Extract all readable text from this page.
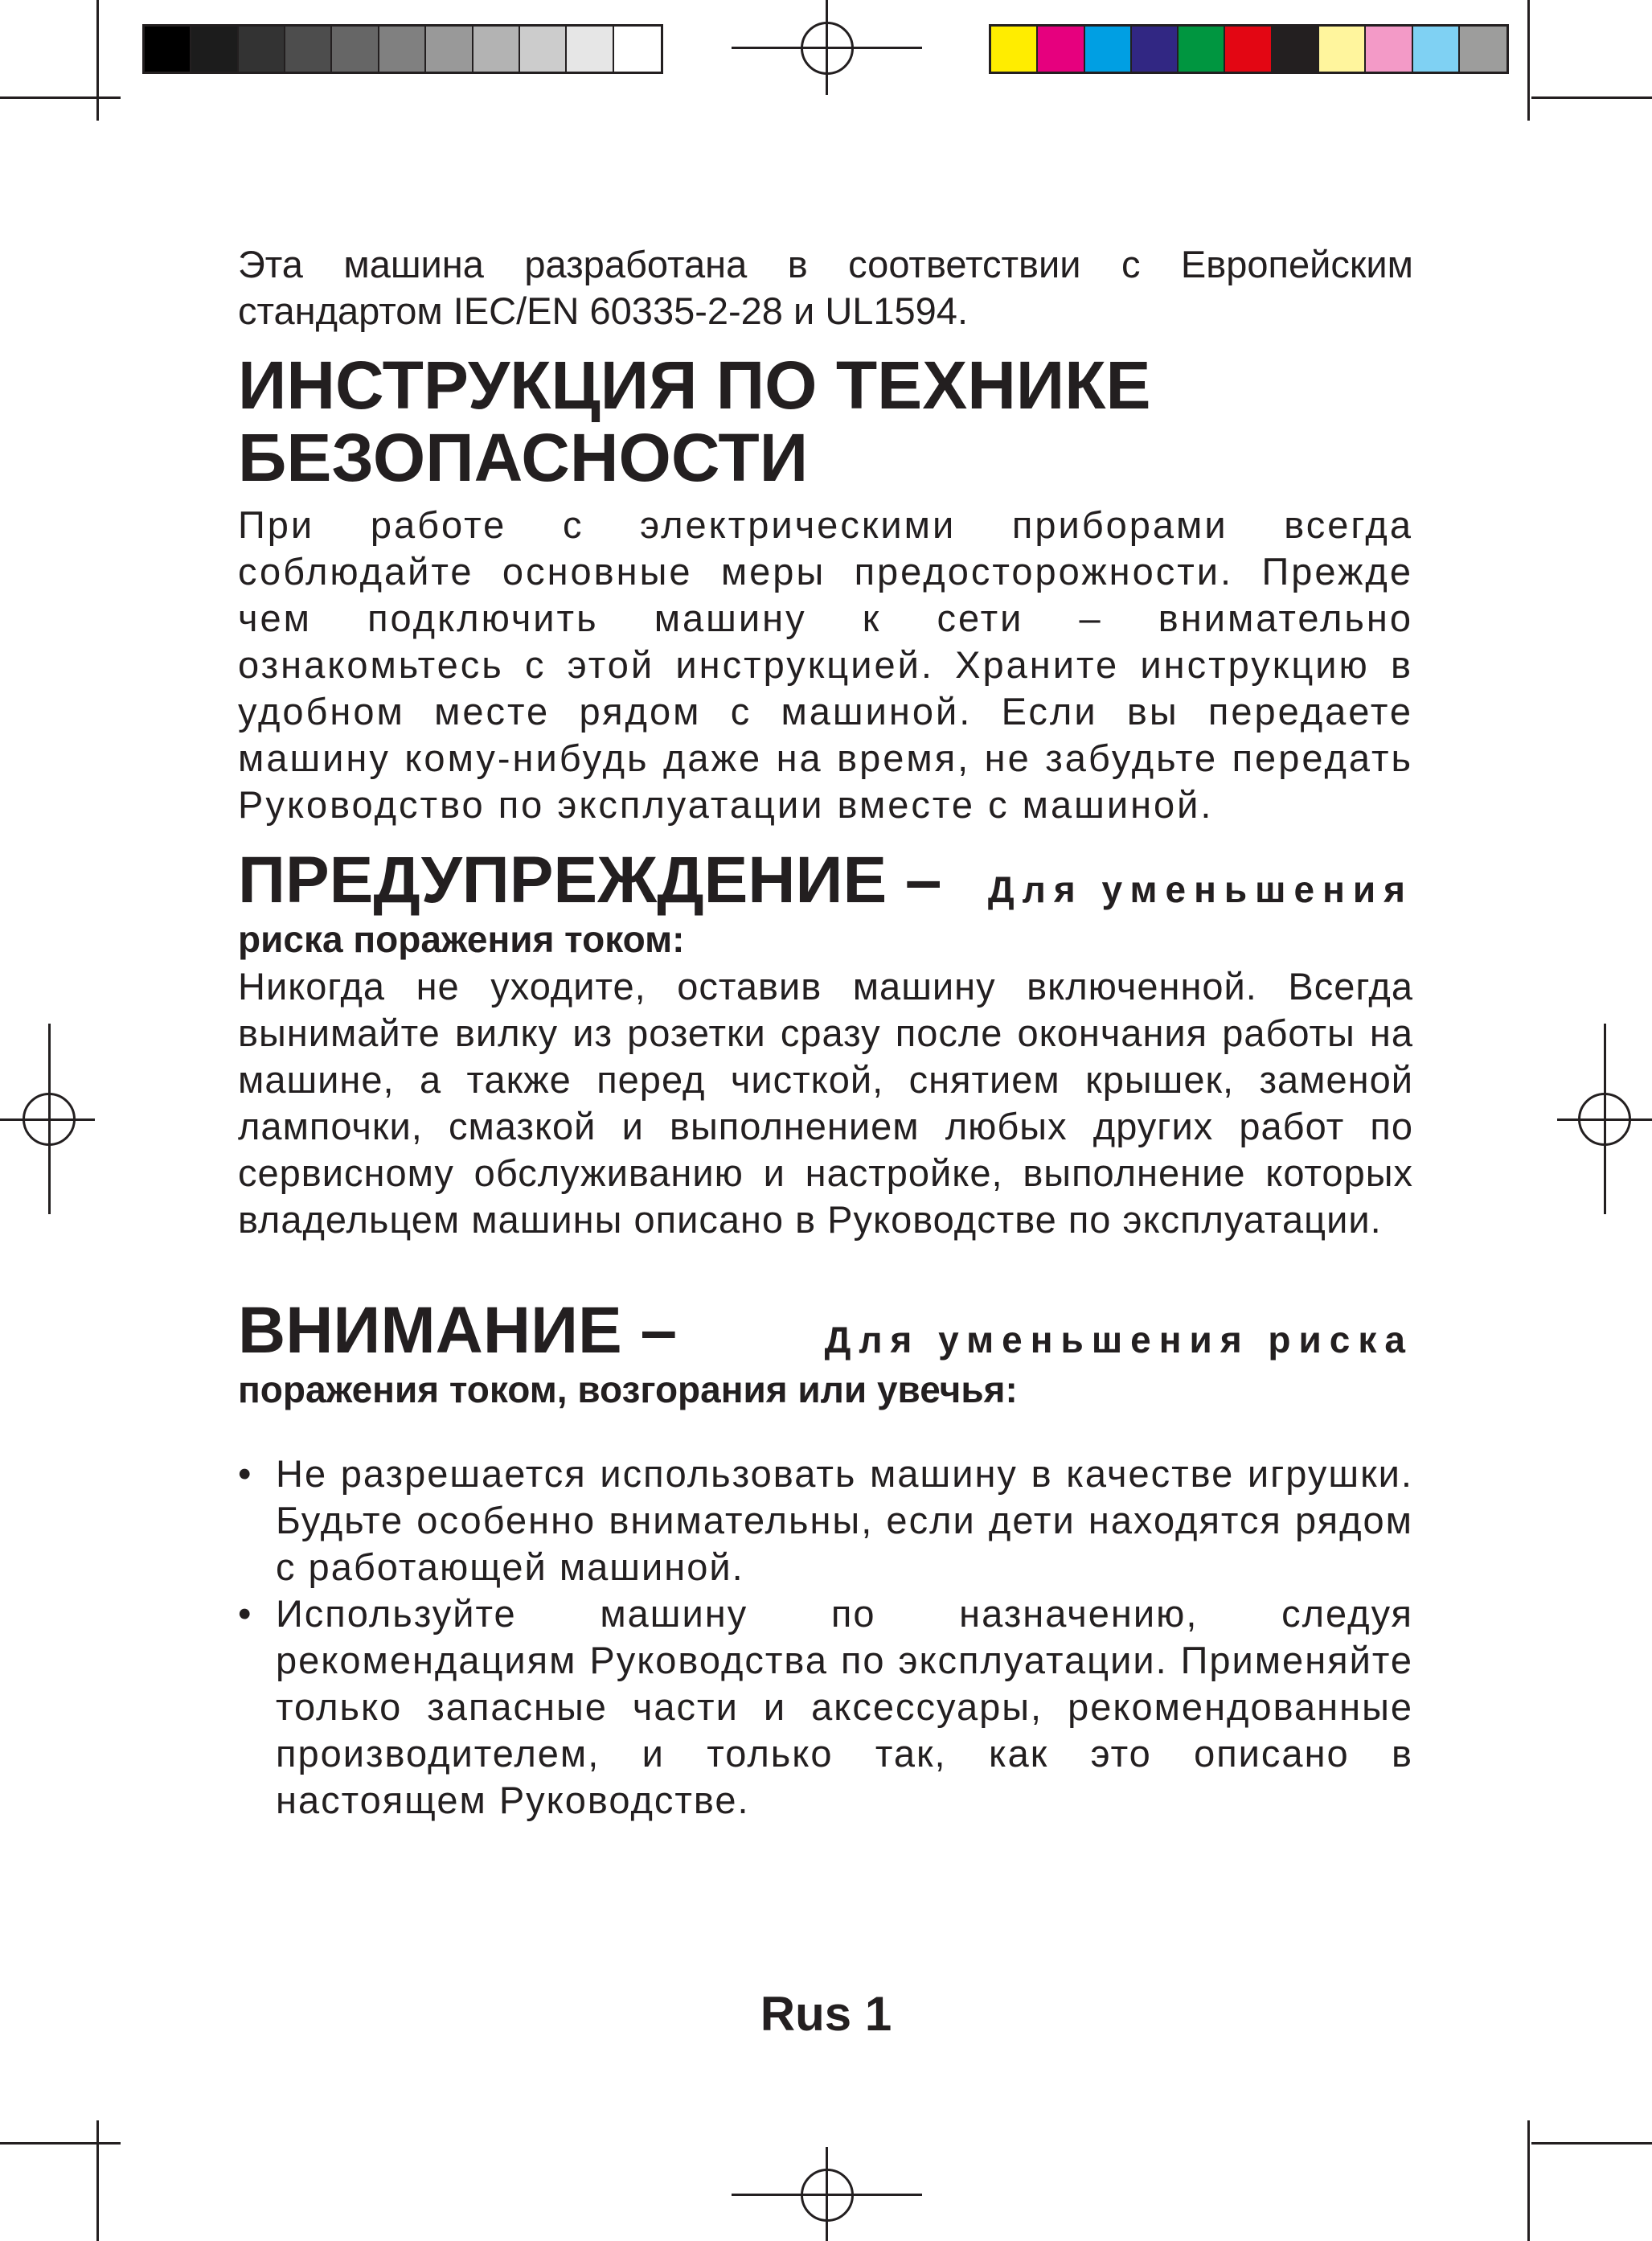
Эта машина разработана в соответствии с Европейским стандартом IEC/EN 60335-2-28 и UL1594.

ИНСТРУКЦИЯ ПО ТЕХНИКЕ БЕЗОПАСНОСТИ

При работе с электрическими приборами всегда соблюдайте основные меры предосторожности. Прежде чем подключить машину к сети – внимательно ознакомьтесь с этой инструкцией. Храните инструкцию в удобном месте рядом с машиной. Если вы передаете машину кому-нибудь даже на время, не забудьте передать Руководство по эксплуатации вместе с машиной.

ПРЕДУПРЕЖДЕНИЕ – Для уменьшения
риска поражения током:

Никогда не уходите, оставив машину включенной. Всегда вынимайте вилку из розетки сразу после окончания работы на машине, а также перед чисткой, снятием крышек, заменой лампочки, смазкой и выполнением любых других работ по сервисному обслуживанию и настройке, выполнение которых владельцем машины описано в Руководстве по эксплуатации.

ВНИМАНИЕ –	Для уменьшения риска
поражения током, возгорания или увечья:
• Не разрешается использовать машину в качестве игрушки. Будьте особенно внимательны, если дети находятся рядом с работающей машиной.

• Используйте машину по назначению, следуя рекомендациям Руководства по эксплуатации. Применяйте только запасные части и аксессуары, рекомендованные производителем, и только так, как это описано в настоящем Руководстве.

Rus 1
